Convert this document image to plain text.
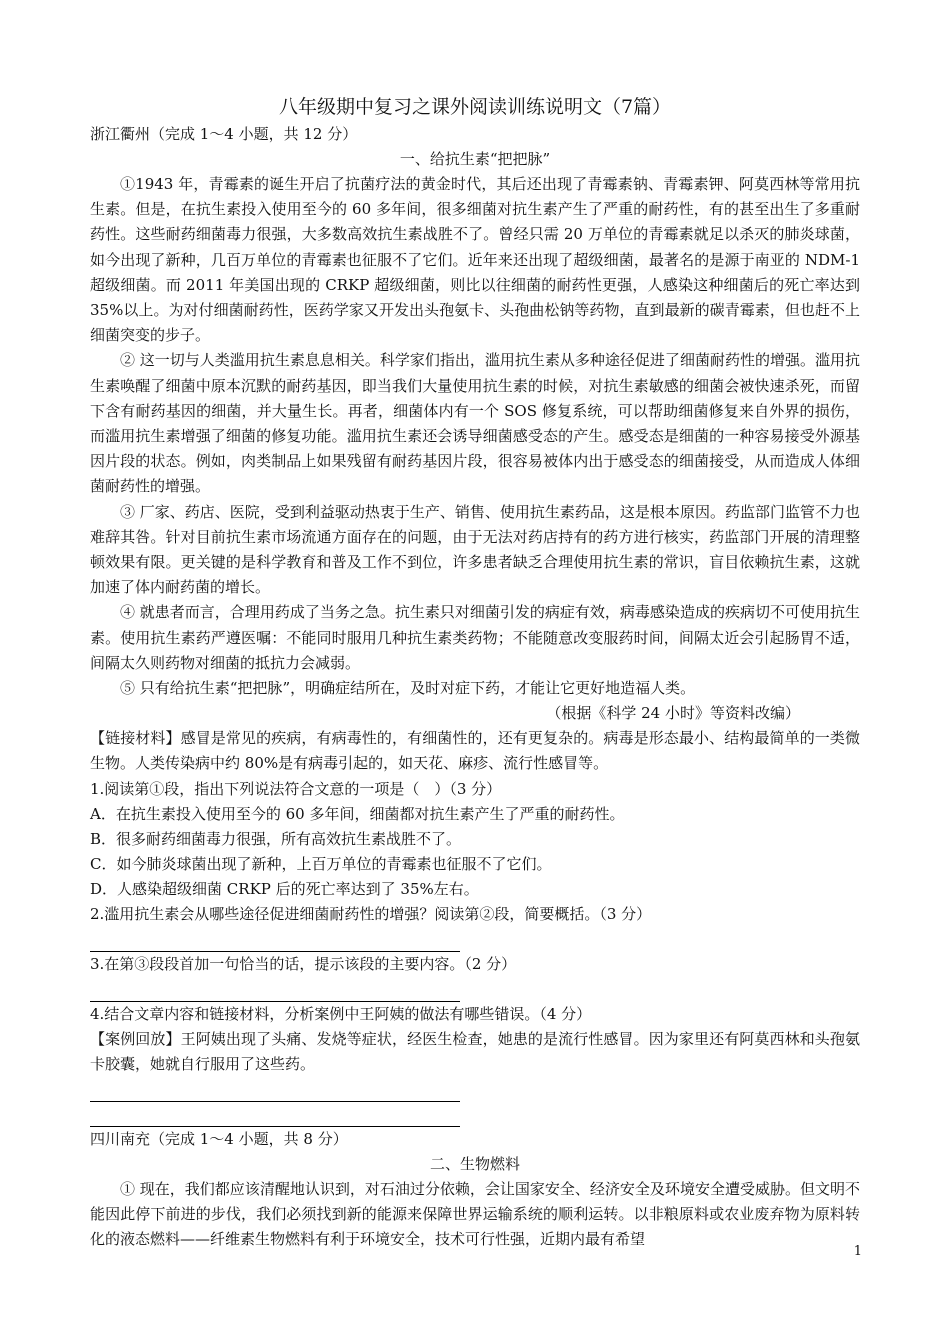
八年级期中复习之课外阅读训练说明文（7篇）

浙江衢州（完成 1～4 小题，共 12 分）

一、给抗生素“把把脉”

①1943 年，青霉素的诞生开启了抗菌疗法的黄金时代，其后还出现了青霉素钠、青霉素钾、阿莫西林等常用抗生素。但是，在抗生素投入使用至今的 60 多年间，很多细菌对抗生素产生了严重的耐药性，有的甚至出生了多重耐药性。这些耐药细菌毒力很强，大多数高效抗生素战胜不了。曾经只需 20 万单位的青霉素就足以杀灭的肺炎球菌，如今出现了新种，几百万单位的青霉素也征服不了它们。近年来还出现了超级细菌，最著名的是源于南亚的 NDM-1 超级细菌。而 2011 年美国出现的 CRKP 超级细菌，则比以往细菌的耐药性更强，人感染这种细菌后的死亡率达到 35%以上。为对付细菌耐药性，医药学家又开发出头孢氨卡、头孢曲松钠等药物，直到最新的碳青霉素，但也赶不上细菌突变的步子。

② 这一切与人类滥用抗生素息息相关。科学家们指出，滥用抗生素从多种途径促进了细菌耐药性的增强。滥用抗生素唤醒了细菌中原本沉默的耐药基因，即当我们大量使用抗生素的时候，对抗生素敏感的细菌会被快速杀死，而留下含有耐药基因的细菌，并大量生长。再者，细菌体内有一个 SOS 修复系统，可以帮助细菌修复来自外界的损伤，而滥用抗生素增强了细菌的修复功能。滥用抗生素还会诱导细菌感受态的产生。感受态是细菌的一种容易接受外源基因片段的状态。例如，肉类制品上如果残留有耐药基因片段，很容易被体内出于感受态的细菌接受，从而造成人体细菌耐药性的增强。

③ 厂家、药店、医院，受到利益驱动热衷于生产、销售、使用抗生素药品，这是根本原因。药监部门监管不力也难辞其咎。针对目前抗生素市场流通方面存在的问题，由于无法对药店持有的药方进行核实，药监部门开展的清理整顿效果有限。更关键的是科学教育和普及工作不到位，许多患者缺乏合理使用抗生素的常识，盲目依赖抗生素，这就加速了体内耐药菌的增长。

④ 就患者而言，合理用药成了当务之急。抗生素只对细菌引发的病症有效，病毒感染造成的疾病切不可使用抗生素。使用抗生素药严遵医嘱：不能同时服用几种抗生素类药物；不能随意改变服药时间，间隔太近会引起肠胃不适，间隔太久则药物对细菌的抵抗力会减弱。

⑤ 只有给抗生素“把把脉”，明确症结所在，及时对症下药，才能让它更好地造福人类。

（根据《科学 24 小时》等资料改编）

【链接材料】感冒是常见的疾病，有病毒性的，有细菌性的，还有更复杂的。病毒是形态最小、结构最简单的一类微生物。人类传染病中约 80%是有病毒引起的，如天花、麻疹、流行性感冒等。

1.阅读第①段，指出下列说法符合文意的一项是（　）（3 分）

A．在抗生素投入使用至今的 60 多年间，细菌都对抗生素产生了严重的耐药性。

B．很多耐药细菌毒力很强，所有高效抗生素战胜不了。

C．如今肺炎球菌出现了新种，上百万单位的青霉素也征服不了它们。

D．人感染超级细菌 CRKP 后的死亡率达到了 35%左右。

2.滥用抗生素会从哪些途径促进细菌耐药性的增强？阅读第②段，简要概括。（3 分）

3.在第③段段首加一句恰当的话，提示该段的主要内容。（2 分）

4.结合文章内容和链接材料，分析案例中王阿姨的做法有哪些错误。（4 分）

【案例回放】王阿姨出现了头痛、发烧等症状，经医生检查，她患的是流行性感冒。因为家里还有阿莫西林和头孢氨卡胶囊，她就自行服用了这些药。

四川南充（完成 1～4 小题，共 8 分）

二、生物燃料

① 现在，我们都应该清醒地认识到，对石油过分依赖，会让国家安全、经济安全及环境安全遭受威胁。但文明不能因此停下前进的步伐，我们必须找到新的能源来保障世界运输系统的顺利运转。以非粮原料或农业废弃物为原料转化的液态燃料——纤维素生物燃料有利于环境安全，技术可行性强，近期内最有希望

1
